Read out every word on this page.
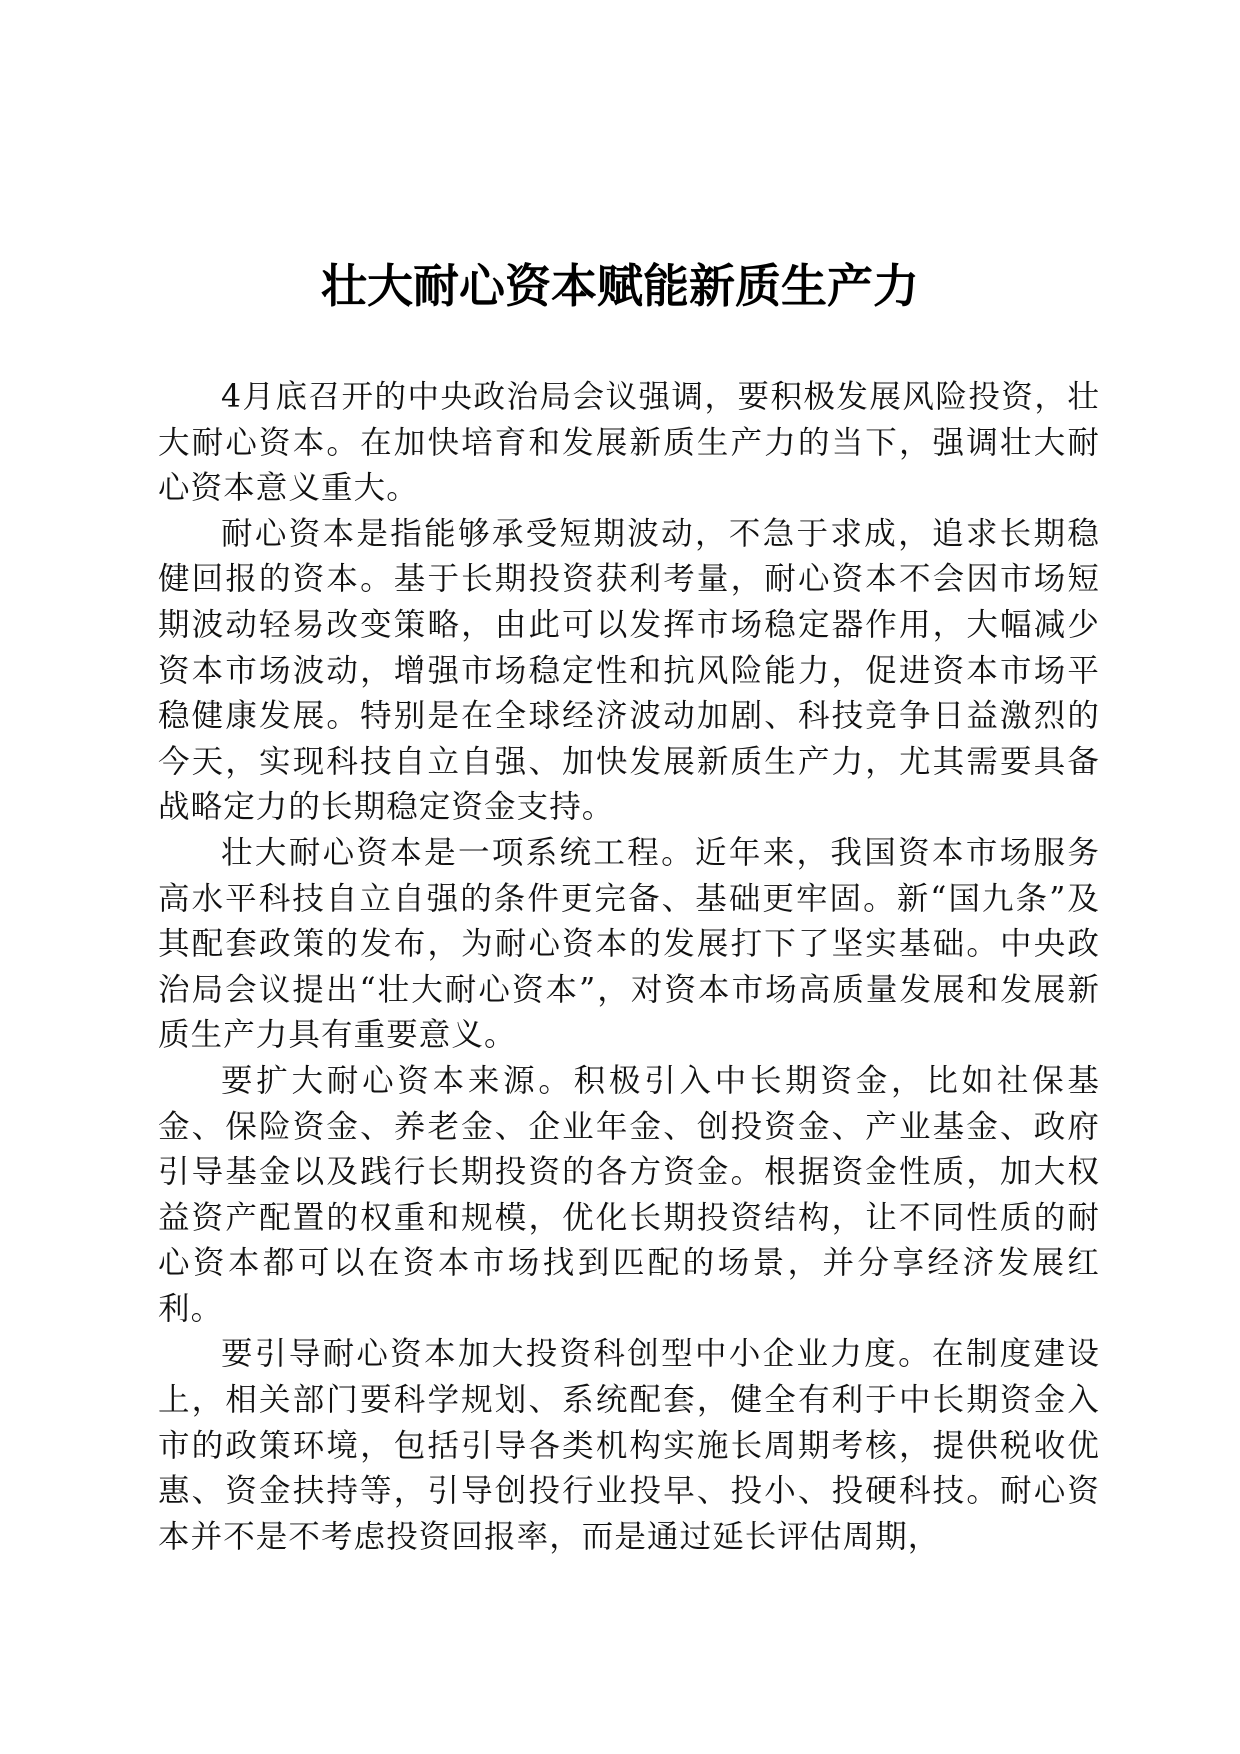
壮大耐心资本赋能新质生产力

4月底召开的中央政治局会议强调，要积极发展风险投资，壮大耐心资本。在加快培育和发展新质生产力的当下，强调壮大耐心资本意义重大。

耐心资本是指能够承受短期波动，不急于求成，追求长期稳健回报的资本。基于长期投资获利考量，耐心资本不会因市场短期波动轻易改变策略，由此可以发挥市场稳定器作用，大幅减少资本市场波动，增强市场稳定性和抗风险能力，促进资本市场平稳健康发展。特别是在全球经济波动加剧、科技竞争日益激烈的今天，实现科技自立自强、加快发展新质生产力，尤其需要具备战略定力的长期稳定资金支持。

壮大耐心资本是一项系统工程。近年来，我国资本市场服务高水平科技自立自强的条件更完备、基础更牢固。新“国九条”及其配套政策的发布，为耐心资本的发展打下了坚实基础。中央政治局会议提出“壮大耐心资本”，对资本市场高质量发展和发展新质生产力具有重要意义。

要扩大耐心资本来源。积极引入中长期资金，比如社保基金、保险资金、养老金、企业年金、创投资金、产业基金、政府引导基金以及践行长期投资的各方资金。根据资金性质，加大权益资产配置的权重和规模，优化长期投资结构，让不同性质的耐心资本都可以在资本市场找到匹配的场景，并分享经济发展红利。

要引导耐心资本加大投资科创型中小企业力度。在制度建设上，相关部门要科学规划、系统配套，健全有利于中长期资金入市的政策环境，包括引导各类机构实施长周期考核，提供税收优惠、资金扶持等，引导创投行业投早、投小、投硬科技。耐心资本并不是不考虑投资回报率，而是通过延长评估周期，
